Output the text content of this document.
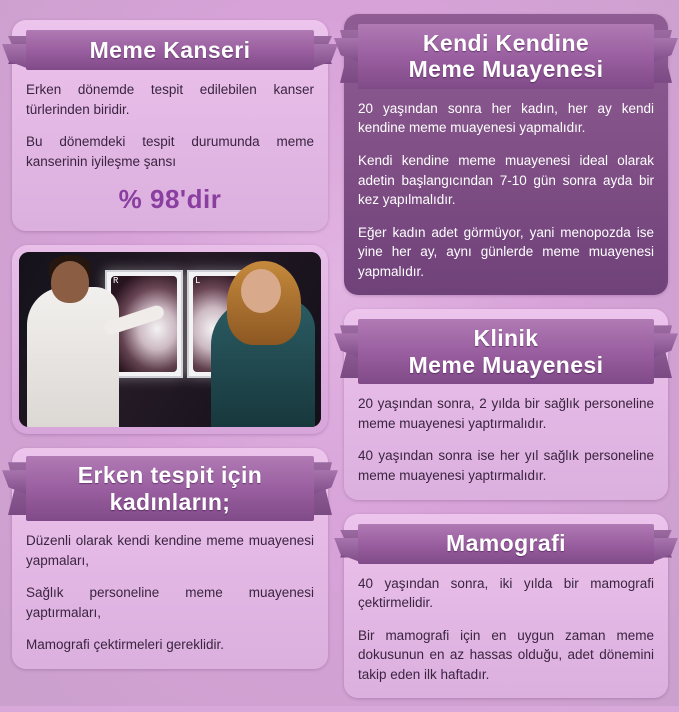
Meme Kanseri

Erken dönemde tespit edilebilen kanser türlerinden biridir.

Bu dönemdeki tespit durumunda meme kanserinin iyileşme şansı

% 98'dir
R	L
Erken tespit için
kadınların;

Düzenli olarak kendi kendine meme muayenesi yapmaları,

Sağlık personeline meme muayenesi yaptırmaları,

Mamografi çektirmeleri gereklidir.

Kendi Kendine
Meme Muayenesi

20 yaşından sonra her kadın, her ay kendi kendine meme muayenesi yapmalıdır.

Kendi kendine meme muayenesi ideal olarak adetin başlangıcından 7-10 gün sonra ayda bir kez yapılmalıdır.

Eğer kadın adet görmüyor, yani menopozda ise yine her ay, aynı günlerde meme muayenesi yapmalıdır.

Klinik
Meme Muayenesi

20 yaşından sonra, 2 yılda bir sağlık personeline meme muayenesi yaptırmalıdır.

40 yaşından sonra ise her yıl sağlık personeline meme muayenesi yaptırmalıdır.

Mamografi

40 yaşından sonra, iki yılda bir mamografi çektirmelidir.

Bir mamografi için en uygun zaman meme dokusunun en az hassas olduğu, adet dönemini takip eden ilk haftadır.
